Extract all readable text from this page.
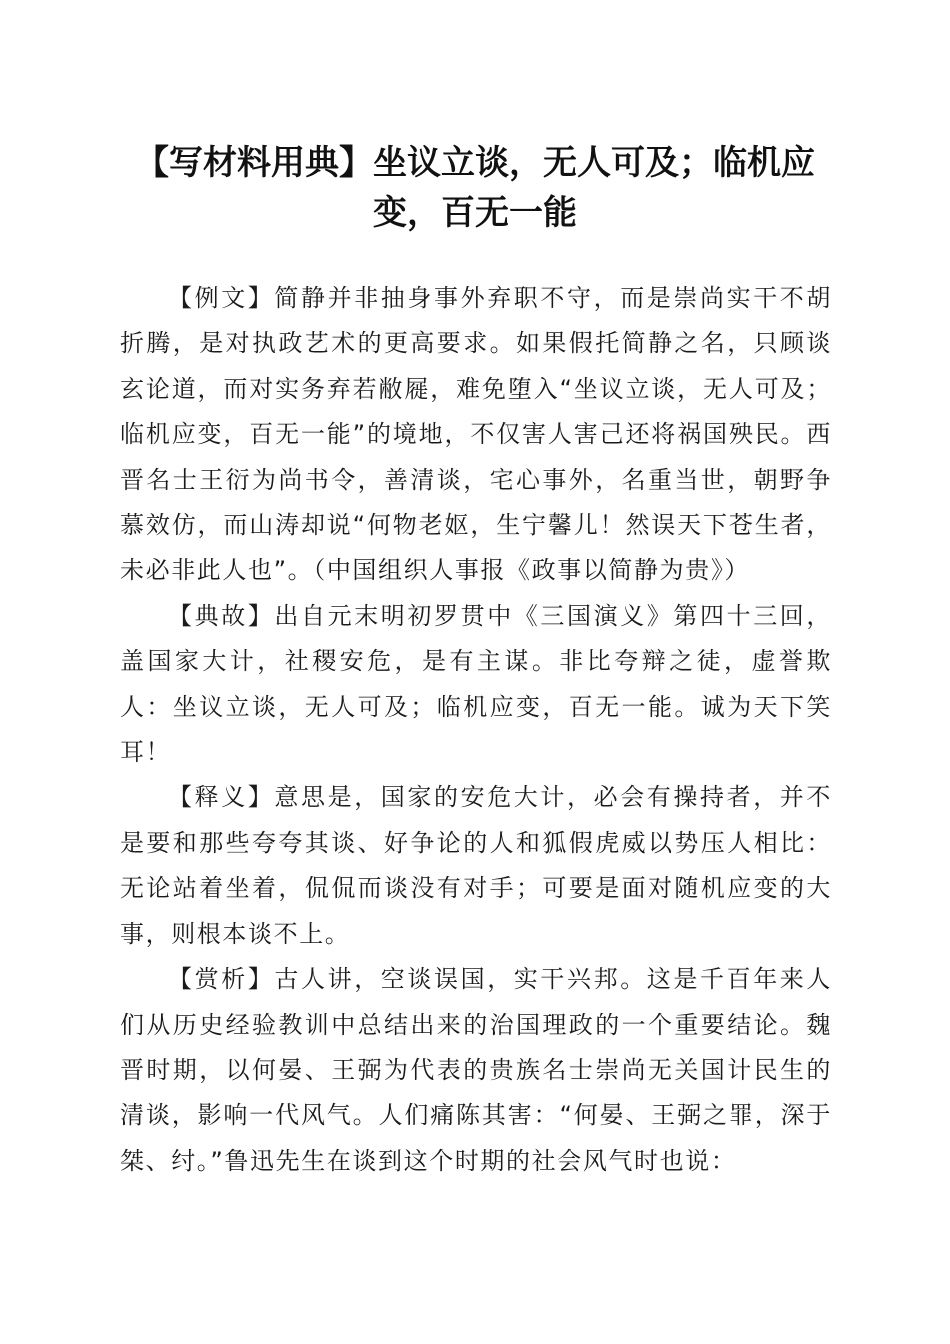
【写材料用典】坐议立谈，无人可及；临机应变，百无一能

【例文】简静并非抽身事外弃职不守，而是崇尚实干不胡折腾，是对执政艺术的更高要求。如果假托简静之名，只顾谈玄论道，而对实务弃若敝屣，难免堕入“坐议立谈，无人可及；临机应变，百无一能”的境地，不仅害人害己还将祸国殃民。西晋名士王衍为尚书令，善清谈，宅心事外，名重当世，朝野争慕效仿，而山涛却说“何物老妪，生宁馨儿！然误天下苍生者，未必非此人也”。（中国组织人事报《政事以简静为贵》）

【典故】出自元末明初罗贯中《三国演义》第四十三回，盖国家大计，社稷安危，是有主谋。非比夸辩之徒，虚誉欺人：坐议立谈，无人可及；临机应变，百无一能。诚为天下笑耳！

【释义】意思是，国家的安危大计，必会有操持者，并不是要和那些夸夸其谈、好争论的人和狐假虎威以势压人相比：无论站着坐着，侃侃而谈没有对手；可要是面对随机应变的大事，则根本谈不上。

【赏析】古人讲，空谈误国，实干兴邦。这是千百年来人们从历史经验教训中总结出来的治国理政的一个重要结论。魏晋时期，以何晏、王弼为代表的贵族名士崇尚无关国计民生的清谈，影响一代风气。人们痛陈其害：“何晏、王弼之罪，深于桀、纣。”鲁迅先生在谈到这个时期的社会风气时也说：
